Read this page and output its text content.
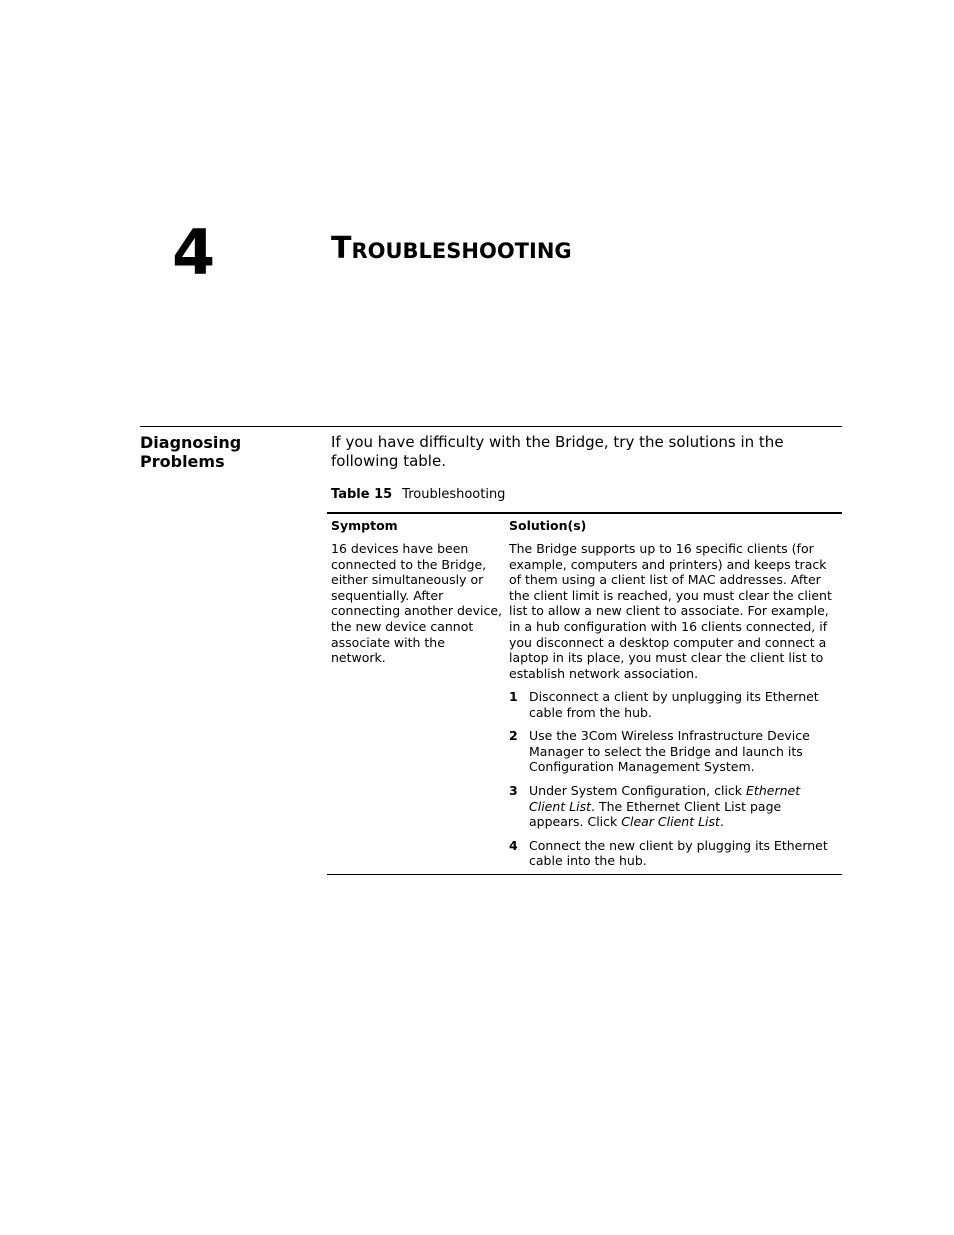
4	Troubleshooting
Diagnosing
Problems
If you have difficulty with the Bridge, try the solutions in the following table.
Table 15 Troubleshooting
Symptom	Solution(s)
16 devices have been connected to the Bridge, either simultaneously or sequentially. After connecting another device, the new device cannot associate with the network.
The Bridge supports up to 16 specific clients (for example, computers and printers) and keeps track of them using a client list of MAC addresses. After the client limit is reached, you must clear the client list to allow a new client to associate. For example, in a hub configuration with 16 clients connected, if you disconnect a desktop computer and connect a laptop in its place, you must clear the client list to establish network association.
1 Disconnect a client by unplugging its Ethernet cable from the hub.
2 Use the 3Com Wireless Infrastructure Device Manager to select the Bridge and launch its Configuration Management System.
3 Under System Configuration, click Ethernet Client List. The Ethernet Client List page appears. Click Clear Client List.
4 Connect the new client by plugging its Ethernet cable into the hub.
